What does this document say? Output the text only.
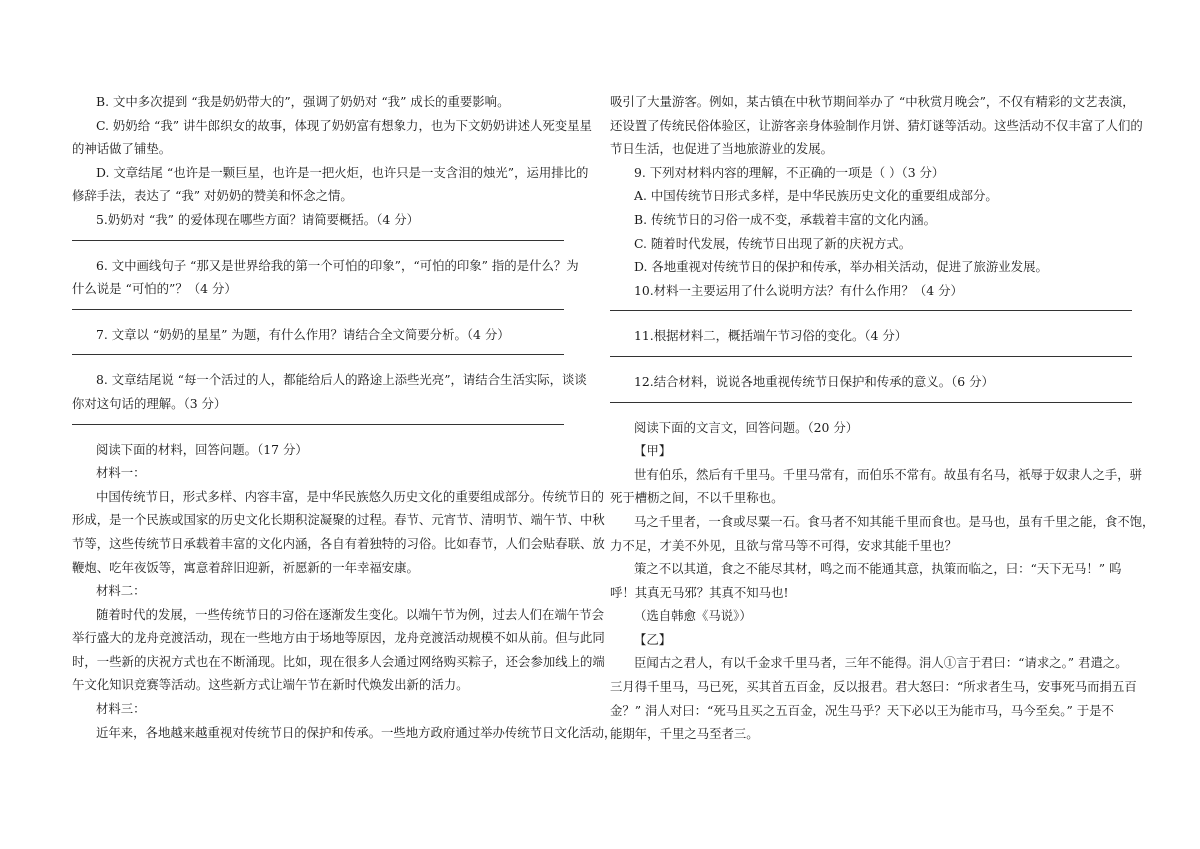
B. 文中多次提到 “我是奶奶带大的”，强调了奶奶对 “我” 成长的重要影响。
C. 奶奶给 “我” 讲牛郎织女的故事，体现了奶奶富有想象力，也为下文奶奶讲述人死变星星
的神话做了铺垫。
D. 文章结尾 “也许是一颗巨星，也许是一把火炬，也许只是一支含泪的烛光”，运用排比的
修辞手法，表达了 “我” 对奶奶的赞美和怀念之情。
5.奶奶对 “我” 的爱体现在哪些方面？请简要概括。（4 分）
6. 文中画线句子 “那又是世界给我的第一个可怕的印象”，“可怕的印象” 指的是什么？为
什么说是 “可怕的”？（4 分）
7. 文章以 “奶奶的星星” 为题，有什么作用？请结合全文简要分析。（4 分）
8. 文章结尾说 “每一个活过的人，都能给后人的路途上添些光亮”，请结合生活实际，谈谈
你对这句话的理解。（3 分）
阅读下面的材料，回答问题。（17 分）
材料一：
中国传统节日，形式多样、内容丰富，是中华民族悠久历史文化的重要组成部分。传统节日的
形成，是一个民族或国家的历史文化长期积淀凝聚的过程。春节、元宵节、清明节、端午节、中秋
节等，这些传统节日承载着丰富的文化内涵，各自有着独特的习俗。比如春节，人们会贴春联、放
鞭炮、吃年夜饭等，寓意着辞旧迎新，祈愿新的一年幸福安康。
材料二：
随着时代的发展，一些传统节日的习俗在逐渐发生变化。以端午节为例，过去人们在端午节会
举行盛大的龙舟竞渡活动，现在一些地方由于场地等原因，龙舟竞渡活动规模不如从前。但与此同
时，一些新的庆祝方式也在不断涌现。比如，现在很多人会通过网络购买粽子，还会参加线上的端
午文化知识竞赛等活动。这些新方式让端午节在新时代焕发出新的活力。
材料三：
近年来，各地越来越重视对传统节日的保护和传承。一些地方政府通过举办传统节日文化活动，
吸引了大量游客。例如，某古镇在中秋节期间举办了 “中秋赏月晚会”，不仅有精彩的文艺表演，
还设置了传统民俗体验区，让游客亲身体验制作月饼、猜灯谜等活动。这些活动不仅丰富了人们的
节日生活，也促进了当地旅游业的发展。
9. 下列对材料内容的理解，不正确的一项是（ ）（3 分）
A. 中国传统节日形式多样，是中华民族历史文化的重要组成部分。
B. 传统节日的习俗一成不变，承载着丰富的文化内涵。
C. 随着时代发展，传统节日出现了新的庆祝方式。
D. 各地重视对传统节日的保护和传承，举办相关活动，促进了旅游业发展。
10.材料一主要运用了什么说明方法？有什么作用？（4 分）
11.根据材料二，概括端午节习俗的变化。（4 分）
12.结合材料，说说各地重视传统节日保护和传承的意义。（6 分）
阅读下面的文言文，回答问题。（20 分）
【甲】
世有伯乐，然后有千里马。千里马常有，而伯乐不常有。故虽有名马，祇辱于奴隶人之手，骈
死于槽枥之间，不以千里称也。
马之千里者，一食或尽粟一石。食马者不知其能千里而食也。是马也，虽有千里之能，食不饱，
力不足，才美不外见，且欲与常马等不可得，安求其能千里也？
策之不以其道，食之不能尽其材，鸣之而不能通其意，执策而临之，曰：“天下无马！” 呜
呼！其真无马邪？其真不知马也!
（选自韩愈《马说》）
【乙】
臣闻古之君人，有以千金求千里马者，三年不能得。涓人①言于君曰：“请求之。” 君遣之。
三月得千里马，马已死，买其首五百金，反以报君。君大怒曰：“所求者生马，安事死马而捐五百
金？” 涓人对曰：“死马且买之五百金，况生马乎？天下必以王为能市马，马今至矣。” 于是不
能期年，千里之马至者三。
